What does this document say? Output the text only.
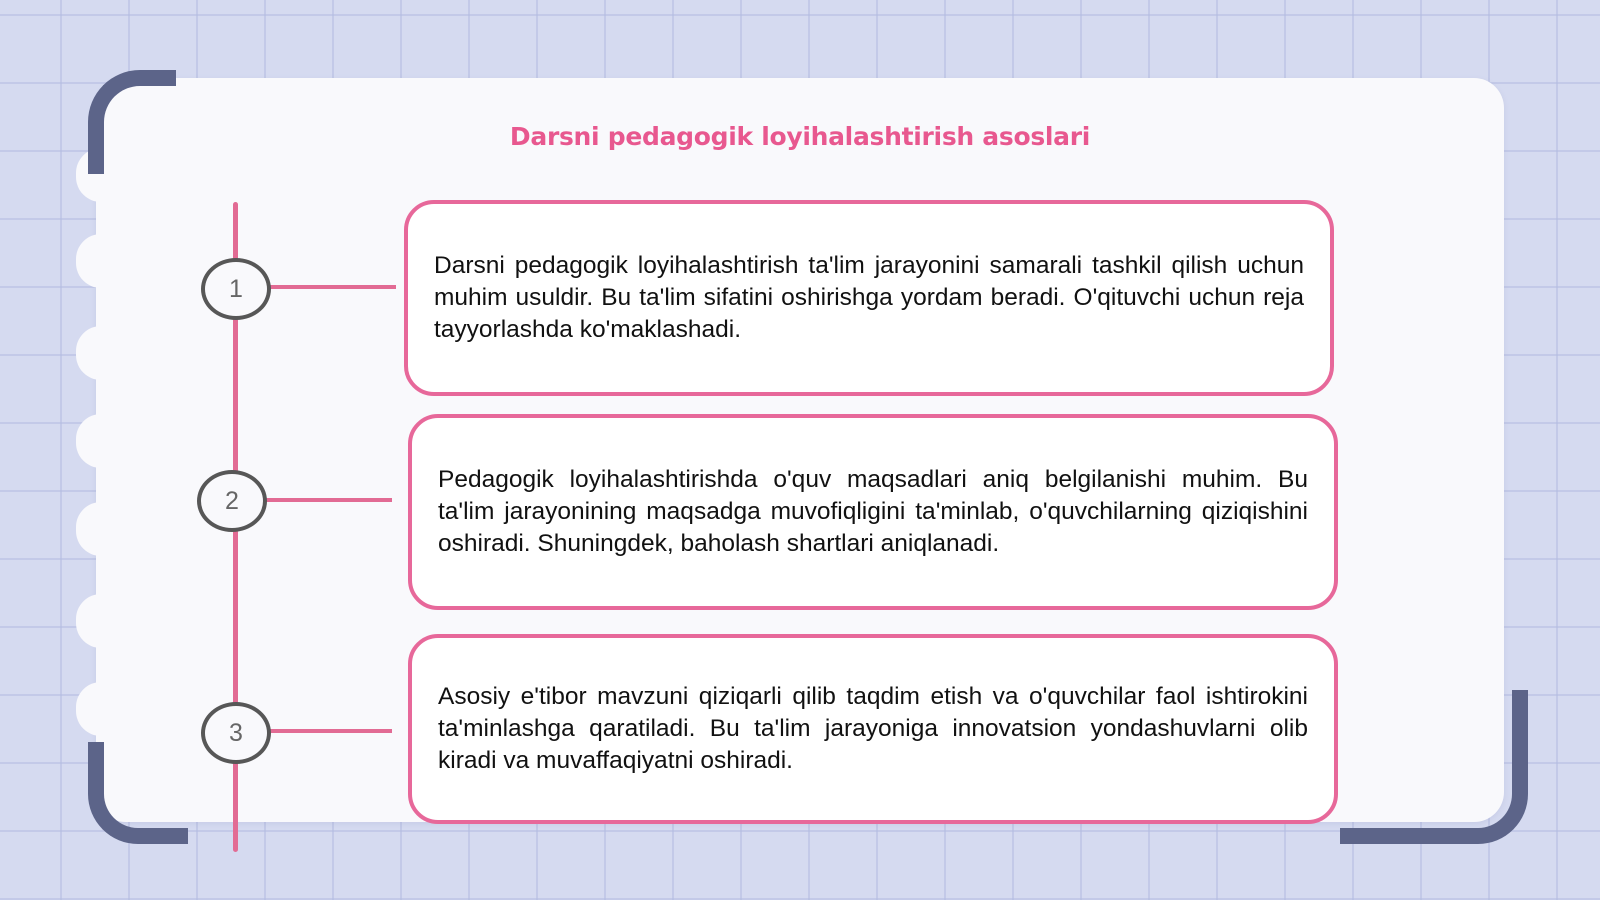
Darsni pedagogik loyihalashtirish asoslari
1
2
3
Darsni pedagogik loyihalashtirish ta'lim jarayonini samarali tashkil qilish uchun muhim usuldir. Bu ta'lim sifatini oshirishga yordam beradi. O'qituvchi uchun reja tayyorlashda ko'maklashadi.
Pedagogik loyihalashtirishda o'quv maqsadlari aniq belgilanishi muhim. Bu ta'lim jarayonining maqsadga muvofiqligini ta'minlab, o'quvchilarning qiziqishini oshiradi. Shuningdek, baholash shartlari aniqlanadi.
Asosiy e'tibor mavzuni qiziqarli qilib taqdim etish va o'quvchilar faol ishtirokini ta'minlashga qaratiladi. Bu ta'lim jarayoniga innovatsion yondashuvlarni olib kiradi va muvaffaqiyatni oshiradi.
